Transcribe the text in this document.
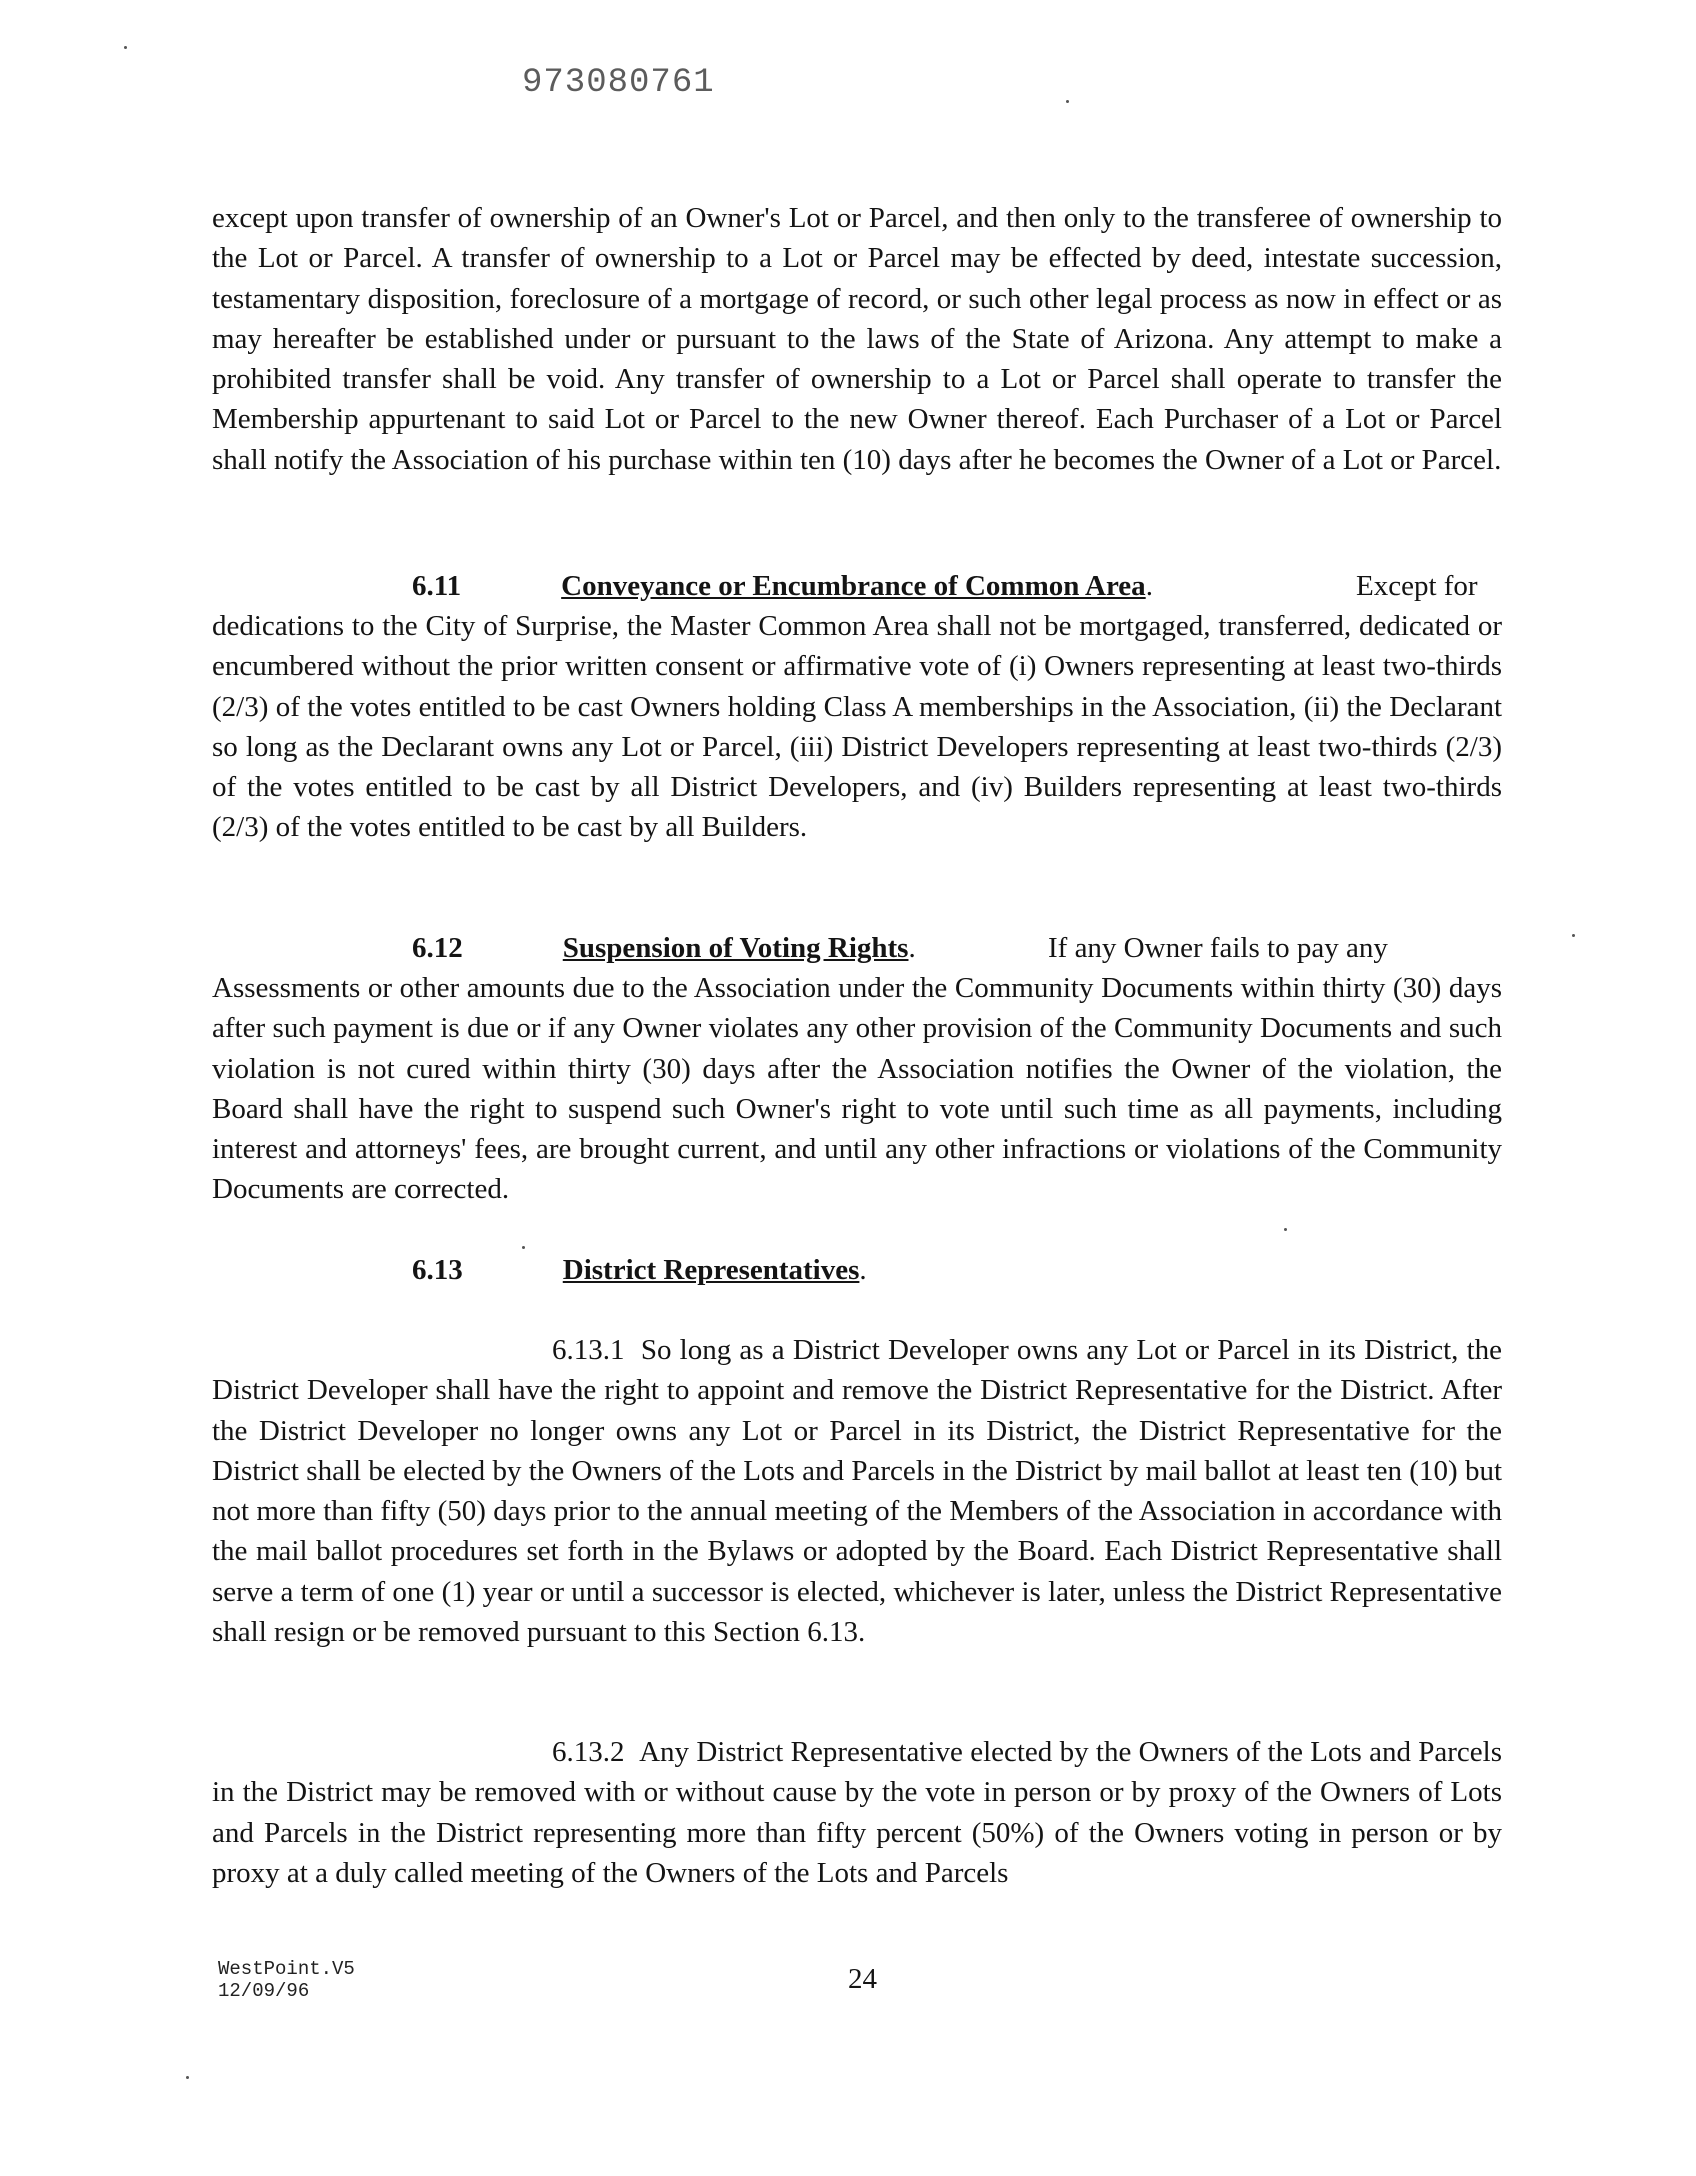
973080761

except upon transfer of ownership of an Owner's Lot or Parcel, and then only to the transferee of ownership to the Lot or Parcel. A transfer of ownership to a Lot or Parcel may be effected by deed, intestate succession, testamentary disposition, foreclosure of a mortgage of record, or such other legal process as now in effect or as may hereafter be established under or pursuant to the laws of the State of Arizona. Any attempt to make a prohibited transfer shall be void. Any transfer of ownership to a Lot or Parcel shall operate to transfer the Membership appurtenant to said Lot or Parcel to the new Owner thereof. Each Purchaser of a Lot or Parcel shall notify the Association of his purchase within ten (10) days after he becomes the Owner of a Lot or Parcel.

6.11	Conveyance or Encumbrance of Common Area.	Except for

dedications to the City of Surprise, the Master Common Area shall not be mortgaged, transferred, dedicated or encumbered without the prior written consent or affirmative vote of (i) Owners representing at least two-thirds (2/3) of the votes entitled to be cast Owners holding Class A memberships in the Association, (ii) the Declarant so long as the Declarant owns any Lot or Parcel, (iii) District Developers representing at least two-thirds (2/3) of the votes entitled to be cast by all District Developers, and (iv) Builders representing at least two-thirds (2/3) of the votes entitled to be cast by all Builders.

6.12	Suspension of Voting Rights.	If any Owner fails to pay any

Assessments or other amounts due to the Association under the Community Documents within thirty (30) days after such payment is due or if any Owner violates any other provision of the Community Documents and such violation is not cured within thirty (30) days after the Association notifies the Owner of the violation, the Board shall have the right to suspend such Owner's right to vote until such time as all payments, including interest and attorneys' fees, are brought current, and until any other infractions or violations of the Community Documents are corrected.

6.13	District Representatives.

6.13.1 So long as a District Developer owns any Lot or Parcel in its District, the District Developer shall have the right to appoint and remove the District Representative for the District. After the District Developer no longer owns any Lot or Parcel in its District, the District Representative for the District shall be elected by the Owners of the Lots and Parcels in the District by mail ballot at least ten (10) but not more than fifty (50) days prior to the annual meeting of the Members of the Association in accordance with the mail ballot procedures set forth in the Bylaws or adopted by the Board. Each District Representative shall serve a term of one (1) year or until a successor is elected, whichever is later, unless the District Representative shall resign or be removed pursuant to this Section 6.13.

6.13.2 Any District Representative elected by the Owners of the Lots and Parcels in the District may be removed with or without cause by the vote in person or by proxy of the Owners of Lots and Parcels in the District representing more than fifty percent (50%) of the Owners voting in person or by proxy at a duly called meeting of the Owners of the Lots and Parcels

WestPoint.V5
12/09/96	24
